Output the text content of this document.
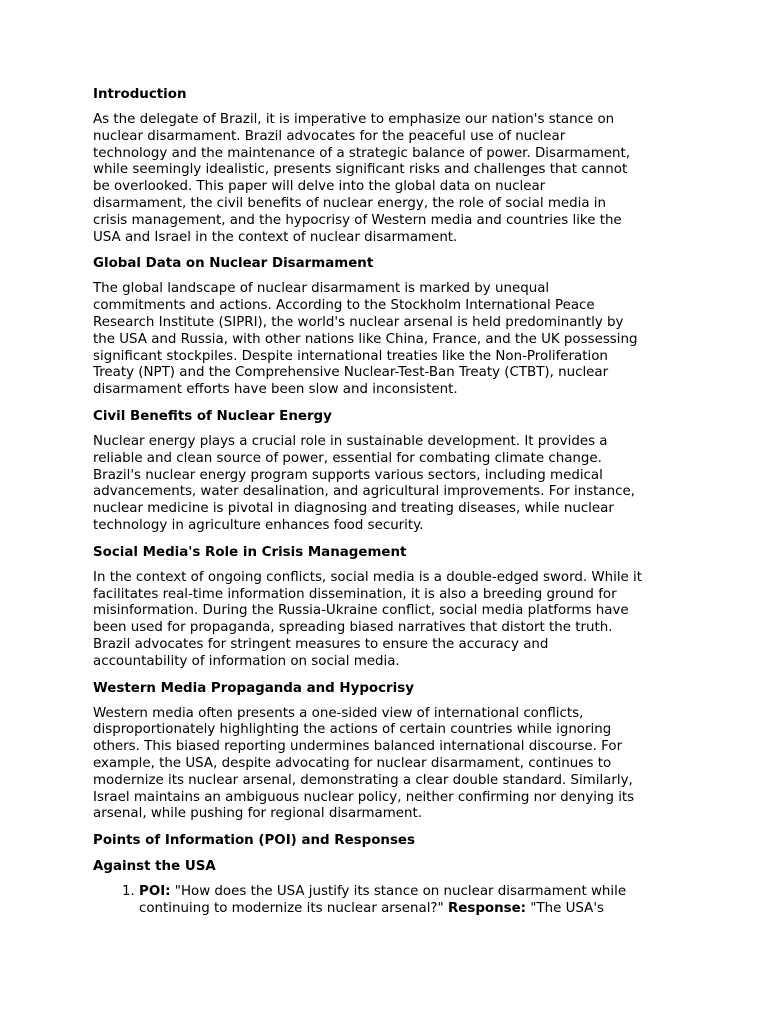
Introduction

As the delegate of Brazil, it is imperative to emphasize our nation's stance on
nuclear disarmament. Brazil advocates for the peaceful use of nuclear
technology and the maintenance of a strategic balance of power. Disarmament,
while seemingly idealistic, presents significant risks and challenges that cannot
be overlooked. This paper will delve into the global data on nuclear
disarmament, the civil benefits of nuclear energy, the role of social media in
crisis management, and the hypocrisy of Western media and countries like the
USA and Israel in the context of nuclear disarmament.

Global Data on Nuclear Disarmament

The global landscape of nuclear disarmament is marked by unequal
commitments and actions. According to the Stockholm International Peace
Research Institute (SIPRI), the world's nuclear arsenal is held predominantly by
the USA and Russia, with other nations like China, France, and the UK possessing
significant stockpiles. Despite international treaties like the Non-Proliferation
Treaty (NPT) and the Comprehensive Nuclear-Test-Ban Treaty (CTBT), nuclear
disarmament efforts have been slow and inconsistent.

Civil Benefits of Nuclear Energy

Nuclear energy plays a crucial role in sustainable development. It provides a
reliable and clean source of power, essential for combating climate change.
Brazil's nuclear energy program supports various sectors, including medical
advancements, water desalination, and agricultural improvements. For instance,
nuclear medicine is pivotal in diagnosing and treating diseases, while nuclear
technology in agriculture enhances food security.

Social Media's Role in Crisis Management

In the context of ongoing conflicts, social media is a double-edged sword. While it
facilitates real-time information dissemination, it is also a breeding ground for
misinformation. During the Russia-Ukraine conflict, social media platforms have
been used for propaganda, spreading biased narratives that distort the truth.
Brazil advocates for stringent measures to ensure the accuracy and
accountability of information on social media.

Western Media Propaganda and Hypocrisy

Western media often presents a one-sided view of international conflicts,
disproportionately highlighting the actions of certain countries while ignoring
others. This biased reporting undermines balanced international discourse. For
example, the USA, despite advocating for nuclear disarmament, continues to
modernize its nuclear arsenal, demonstrating a clear double standard. Similarly,
Israel maintains an ambiguous nuclear policy, neither confirming nor denying its
arsenal, while pushing for regional disarmament.

Points of Information (POI) and Responses
Against the USA
1. POI: "How does the USA justify its stance on nuclear disarmament while
continuing to modernize its nuclear arsenal?" Response: "The USA's
